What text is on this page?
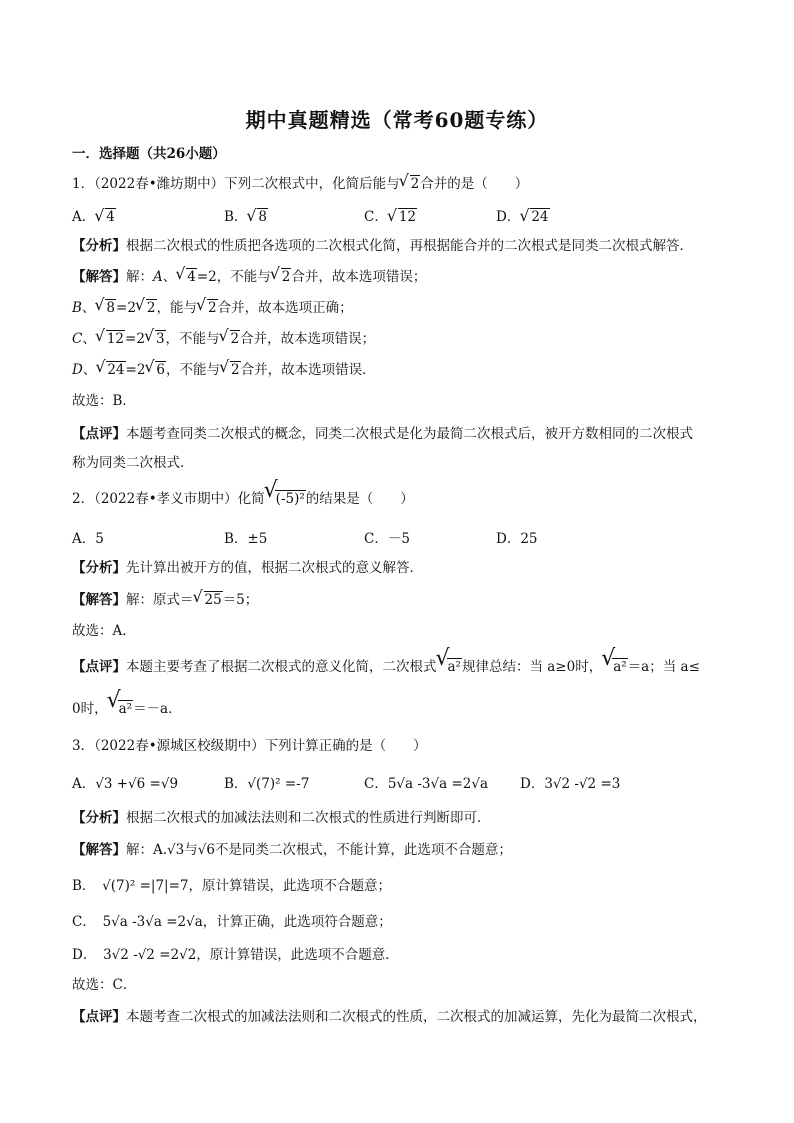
期中真题精选（常考60题专练）
一．选择题（共26小题）
1．（2022春•潍坊期中）下列二次根式中，化简后能与 √ 2合并的是（　　）
A． √ 4	B． √ 8	C． √ 12	D． √ 24
【分析】根据二次根式的性质把各选项的二次根式化简，再根据能合并的二次根式是同类二次根式解答．
【解答】解：A、 √ 4=2，不能与 √ 2合并，故本选项错误；
B、 √ 8=2 √ 2，能与 √ 2合并，故本选项正确；
C、 √ 12=2 √ 3，不能与 √ 2合并，故本选项错误；
D、 √ 24=2 √ 6，不能与 √ 2合并，故本选项错误．
故选：B．
【点评】本题考查同类二次根式的概念，同类二次根式是化为最简二次根式后，被开方数相同的二次根式
称为同类二次根式．
2．（2022春•孝义市期中）化简 √ (-5)²的结果是（　　）
A．5	B．±5	C．－5	D．25
【分析】先计算出被开方的值，根据二次根式的意义解答．
【解答】解：原式＝ √ 25＝5；
故选：A．
【点评】本题主要考查了根据二次根式的意义化简，二次根式 √ a²规律总结：当 a≥0时， √ a²＝a；当 a≤
0时， √ a²＝－a．
3．（2022春•源城区校级期中）下列计算正确的是（　　）
A．√3 +√6 =√9	B．√(7)² =-7	C．5√a -3√a =2√a D．3√2 -√2 =3
【分析】根据二次根式的加减法法则和二次根式的性质进行判断即可．
【解答】解：A.√3与√6不是同类二次根式，不能计算，此选项不合题意；
B．　√(7)² =|7|=7，原计算错误，此选项不合题意；
C．　5√a -3√a =2√a，计算正确，此选项符合题意；
D．　3√2 -√2 =2√2，原计算错误，此选项不合题意．
故选：C．
【点评】本题考查二次根式的加减法法则和二次根式的性质，二次根式的加减运算，先化为最简二次根式，
